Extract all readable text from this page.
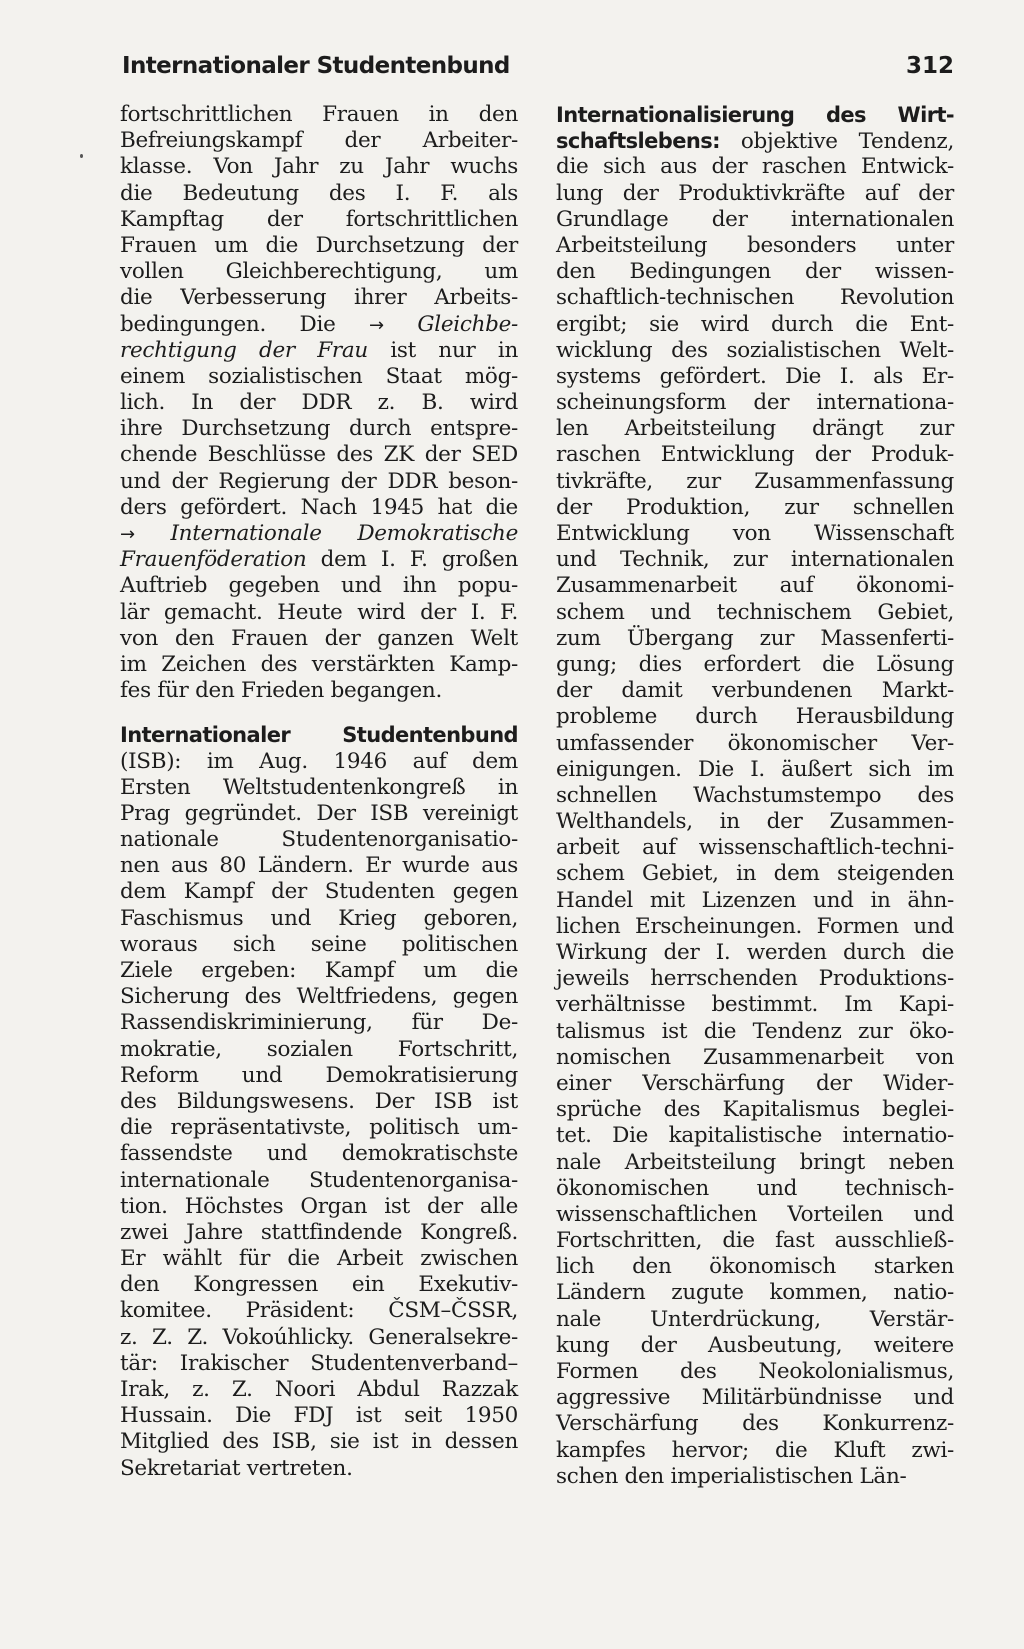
Internationaler Studentenbund	312

fortschrittlichen Frauen in den
Befreiungskampf der Arbeiter-
klasse. Von Jahr zu Jahr wuchs
die Bedeutung des I. F. als
Kampftag der fortschrittlichen
Frauen um die Durchsetzung der
vollen Gleichberechtigung, um
die Verbesserung ihrer Arbeits-
bedingungen. Die → Gleichbe-
rechtigung der Frau ist nur in
einem sozialistischen Staat mög-
lich. In der DDR z. B. wird
ihre Durchsetzung durch entspre-
chende Beschlüsse des ZK der SED
und der Regierung der DDR beson-
ders gefördert. Nach 1945 hat die
→ Internationale Demokratische
Frauenföderation dem I. F. großen
Auftrieb gegeben und ihn popu-
lär gemacht. Heute wird der I. F.
von den Frauen der ganzen Welt
im Zeichen des verstärkten Kamp-
fes für den Frieden begangen.

Internationaler Studentenbund
(ISB): im Aug. 1946 auf dem
Ersten Weltstudentenkongreß in
Prag gegründet. Der ISB vereinigt
nationale Studentenorganisatio-
nen aus 80 Ländern. Er wurde aus
dem Kampf der Studenten gegen
Faschismus und Krieg geboren,
woraus sich seine politischen
Ziele ergeben: Kampf um die
Sicherung des Weltfriedens, gegen
Rassendiskriminierung, für De-
mokratie, sozialen Fortschritt,
Reform und Demokratisierung
des Bildungswesens. Der ISB ist
die repräsentativste, politisch um-
fassendste und demokratischste
internationale Studentenorganisa-
tion. Höchstes Organ ist der alle
zwei Jahre stattfindende Kongreß.
Er wählt für die Arbeit zwischen
den Kongressen ein Exekutiv-
komitee. Präsident: ČSM–ČSSR,
z. Z. Z. Vokoúhlicky. Generalsekre-
tär: Irakischer Studentenverband–
Irak, z. Z. Noori Abdul Razzak
Hussain. Die FDJ ist seit 1950
Mitglied des ISB, sie ist in dessen
Sekretariat vertreten.

Internationalisierung des Wirt-
schaftslebens: objektive Tendenz,
die sich aus der raschen Entwick-
lung der Produktivkräfte auf der
Grundlage der internationalen
Arbeitsteilung besonders unter
den Bedingungen der wissen-
schaftlich-technischen Revolution
ergibt; sie wird durch die Ent-
wicklung des sozialistischen Welt-
systems gefördert. Die I. als Er-
scheinungsform der internationa-
len Arbeitsteilung drängt zur
raschen Entwicklung der Produk-
tivkräfte, zur Zusammenfassung
der Produktion, zur schnellen
Entwicklung von Wissenschaft
und Technik, zur internationalen
Zusammenarbeit auf ökonomi-
schem und technischem Gebiet,
zum Übergang zur Massenferti-
gung; dies erfordert die Lösung
der damit verbundenen Markt-
probleme durch Herausbildung
umfassender ökonomischer Ver-
einigungen. Die I. äußert sich im
schnellen Wachstumstempo des
Welthandels, in der Zusammen-
arbeit auf wissenschaftlich-techni-
schem Gebiet, in dem steigenden
Handel mit Lizenzen und in ähn-
lichen Erscheinungen. Formen und
Wirkung der I. werden durch die
jeweils herrschenden Produktions-
verhältnisse bestimmt. Im Kapi-
talismus ist die Tendenz zur öko-
nomischen Zusammenarbeit von
einer Verschärfung der Wider-
sprüche des Kapitalismus beglei-
tet. Die kapitalistische internatio-
nale Arbeitsteilung bringt neben
ökonomischen und technisch-
wissenschaftlichen Vorteilen und
Fortschritten, die fast ausschließ-
lich den ökonomisch starken
Ländern zugute kommen, natio-
nale Unterdrückung, Verstär-
kung der Ausbeutung, weitere
Formen des Neokolonialismus,
aggressive Militärbündnisse und
Verschärfung des Konkurrenz-
kampfes hervor; die Kluft zwi-
schen den imperialistischen Län-
